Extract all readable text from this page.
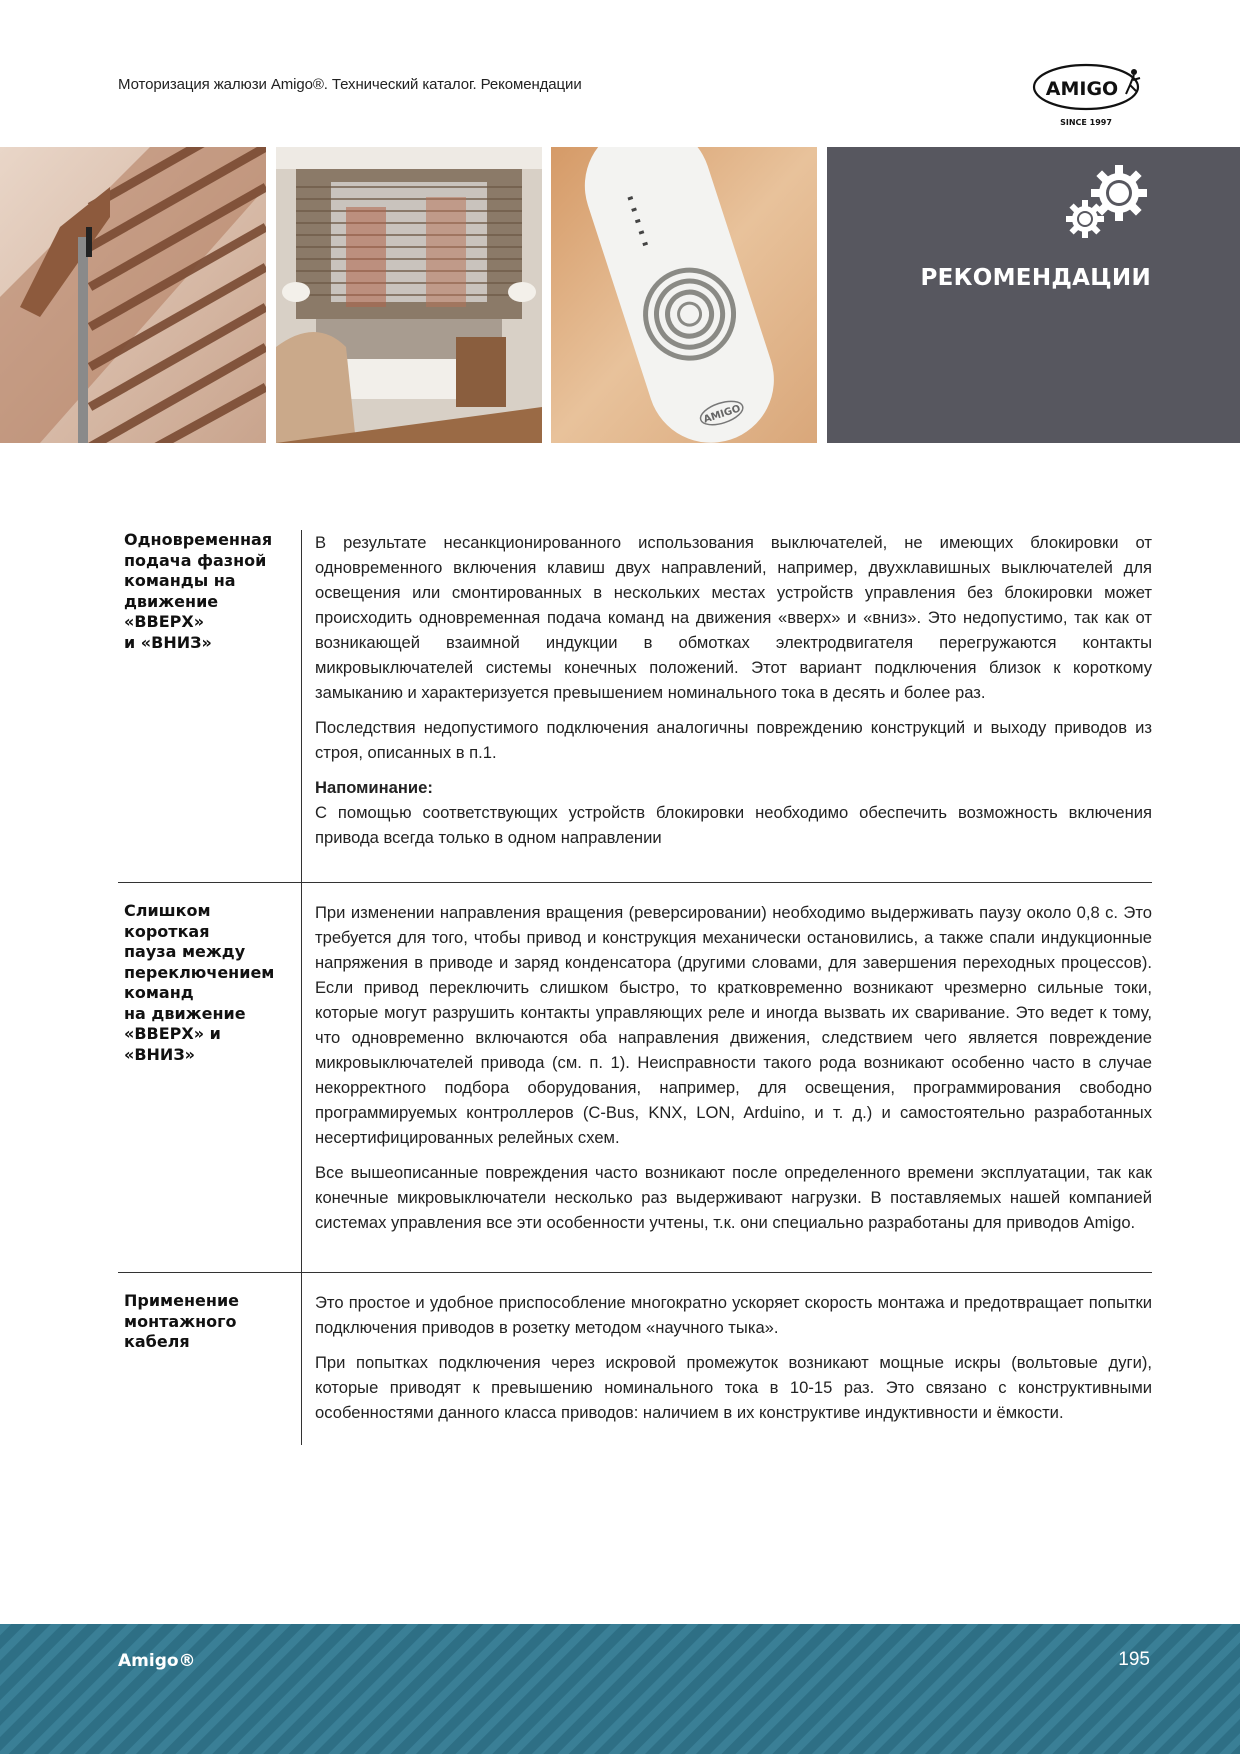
Моторизация жалюзи Amigo®. Технический каталог. Рекомендации	AMIGO
SINCE 1997
AMIGO
РЕКОМЕНДАЦИИ
Одновременная
подача фазной
команды на
движение «ВВЕРХ»
и «ВНИЗ»

В результате несанкционированного использования выключателей, не имеющих блокировки от одновременного включения клавиш двух направлений, например, двухклавишных выключателей для освещения или смонтированных в нескольких местах устройств управления без блокировки может происходить одновременная подача команд на движения «вверх» и «вниз». Это недопустимо, так как от возникающей взаимной индукции в обмотках электродвигателя перегружаются контакты микровыключателей системы конечных положений. Этот вариант подключения близок к короткому замыканию и характеризуется превышением номинального тока в десять и более раз.

Последствия недопустимого подключения аналогичны повреждению конструкций и выходу приводов из строя, описанных в п.1.

Напоминание:

С помощью соответствующих устройств блокировки необходимо обеспечить возможность включения привода всегда только в одном направлении

Слишком короткая
пауза между
переключением
команд
на движение
«ВВЕРХ» и «ВНИЗ»

При изменении направления вращения (реверсировании) необходимо выдерживать паузу около 0,8 с. Это требуется для того, чтобы привод и конструкция механически остановились, а также спали индукционные напряжения в приводе и заряд конденсатора (другими словами, для завершения переходных процессов). Если привод переключить слишком быстро, то кратковременно возникают чрезмерно сильные токи, которые могут разрушить контакты управляющих реле и иногда вызвать их сваривание. Это ведет к тому, что одновременно включаются оба направления движения, следствием чего является повреждение микровыключателей привода (см. п. 1). Неисправности такого рода возникают особенно часто в случае некорректного подбора оборудования, например, для освещения, программирования свободно программируемых контроллеров (C-Bus, KNX, LON, Arduino, и т. д.) и самостоятельно разработанных несертифицированных релейных схем.

Все вышеописанные повреждения часто возникают после определенного времени эксплуатации, так как конечные микровыключатели несколько раз выдерживают нагрузки. В поставляемых нашей компанией системах управления все эти особенности учтены, т.к. они специально разработаны для приводов Amigo.

Применение
монтажного кабеля

Это простое и удобное приспособление многократно ускоряет скорость монтажа и предотвращает попытки подключения приводов в розетку методом «научного тыка».

При попытках подключения через искровой промежуток возникают мощные искры (вольтовые дуги), которые приводят к превышению номинального тока в 10-15 раз. Это связано с конструктивными особенностями данного класса приводов: наличием в их конструктиве индуктивности и ёмкости.

Amigo®	195
